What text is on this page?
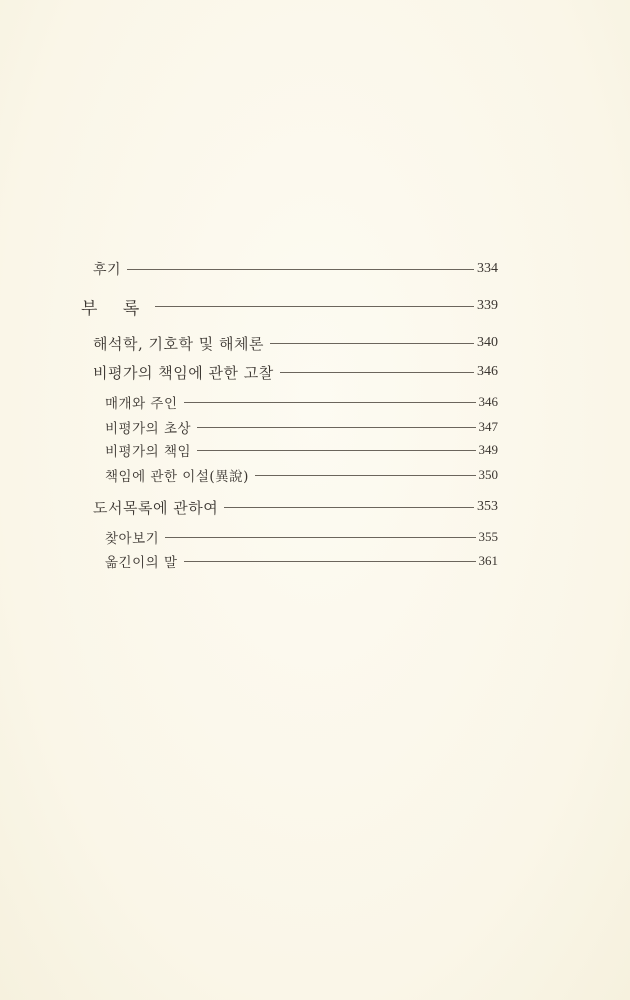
후기	334
부 록	339
해석학, 기호학 및 해체론	340
비평가의 책임에 관한 고찰	346
매개와 주인	346
비평가의 초상	347
비평가의 책임	349
책임에 관한 이설(異說)	350
도서목록에 관하여	353
찾아보기	355
옮긴이의 말	361
